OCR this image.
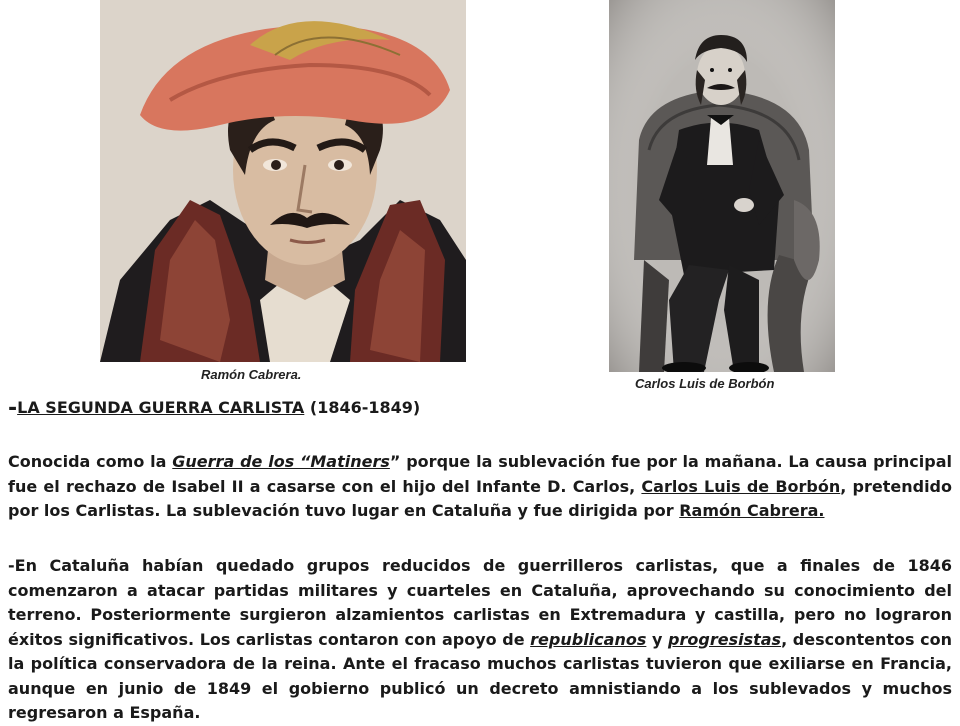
Ramón Cabrera.
Carlos Luis de Borbón
-LA SEGUNDA GUERRA CARLISTA (1846-1849)

Conocida como la Guerra de los “Matiners” porque la sublevación fue por la mañana. La causa principal fue el rechazo de Isabel II a casarse con el hijo del Infante D. Carlos, Carlos Luis de Borbón, pretendido por los Carlistas. La sublevación tuvo lugar en Cataluña y fue dirigida por Ramón Cabrera.

-En Cataluña habían quedado grupos reducidos de guerrilleros carlistas, que a finales de 1846 comenzaron a atacar partidas militares y cuarteles en Cataluña, aprovechando su conocimiento del terreno. Posteriormente surgieron alzamientos carlistas en Extremadura y castilla, pero no lograron éxitos significativos. Los carlistas contaron con apoyo de republicanos y progresistas, descontentos con la política conservadora de la reina. Ante el fracaso muchos carlistas tuvieron que exiliarse en Francia, aunque en junio de 1849 el gobierno publicó un decreto amnistiando a los sublevados y muchos regresaron a España.
